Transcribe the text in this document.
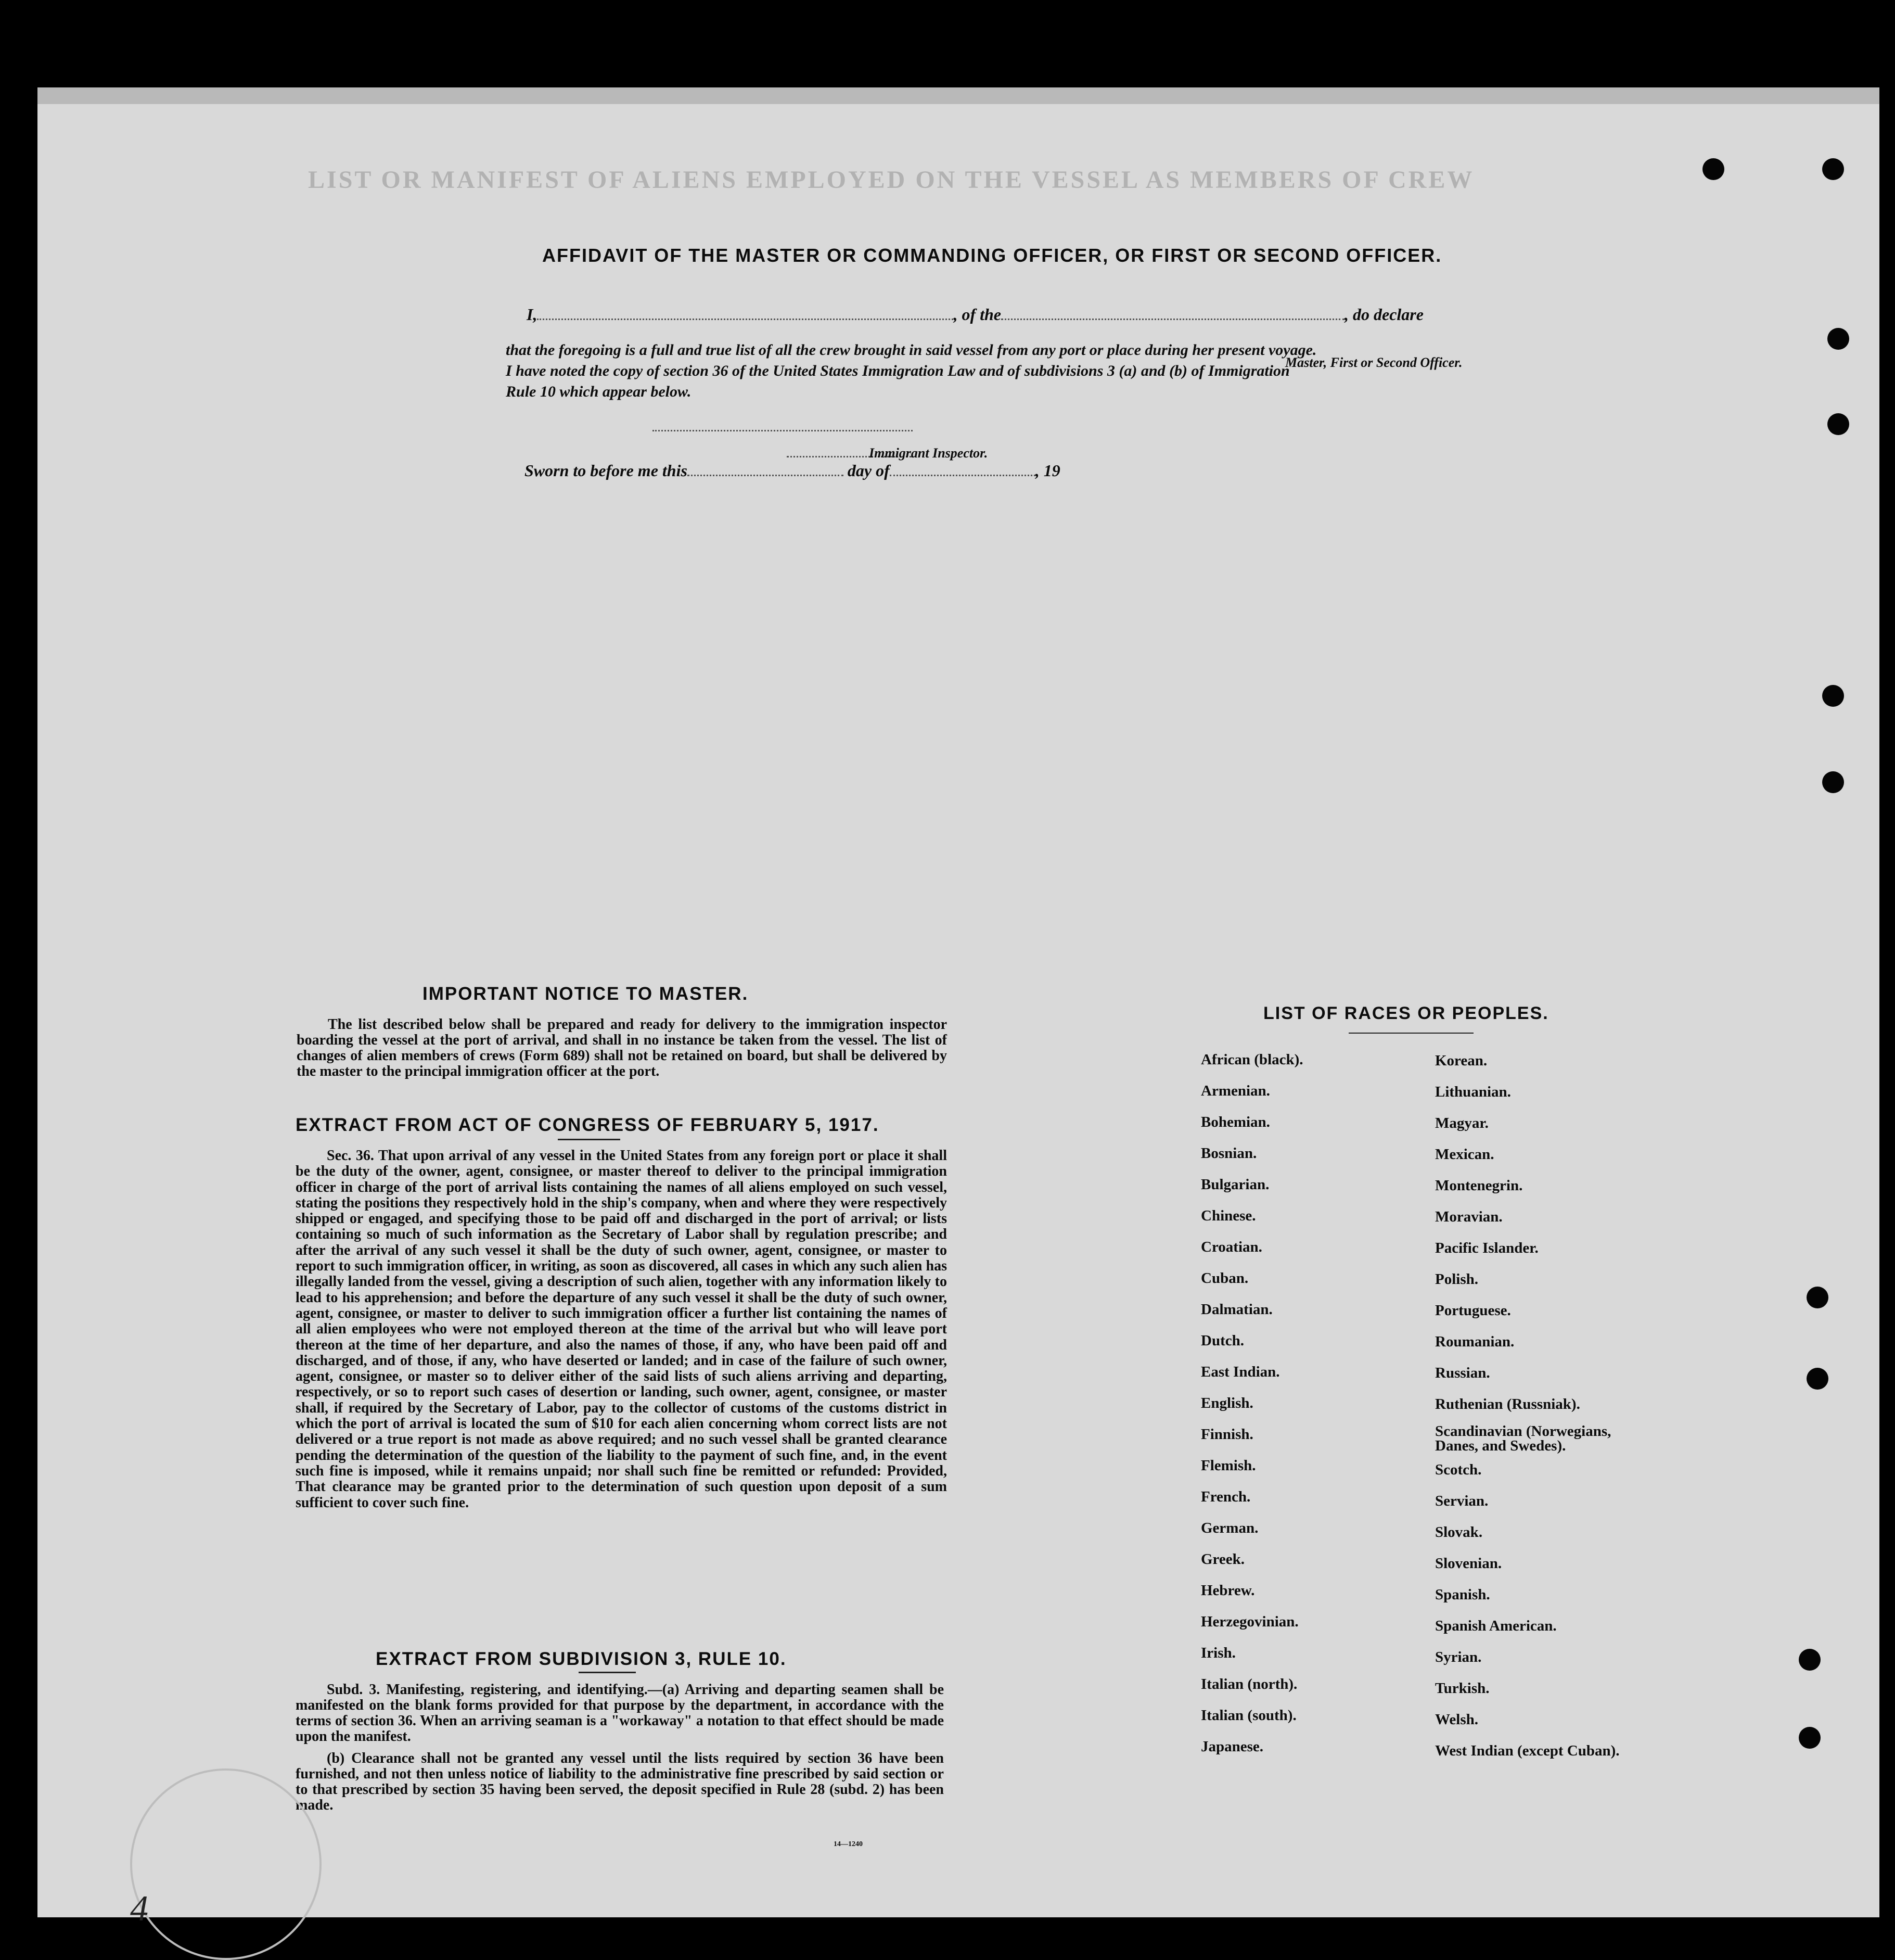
LIST OR MANIFEST OF ALIENS EMPLOYED ON THE VESSEL AS MEMBERS OF CREW
AFFIDAVIT OF THE MASTER OR COMMANDING OFFICER, OR FIRST OR SECOND OFFICER.
I,	, of the	, do declare
that the foregoing is a full and true list of all the crew brought in said vessel from any port or place during her present voyage.
I have noted the copy of section 36 of the United States Immigration Law and of subdivisions 3 (a) and (b) of Immigration
Rule 10 which appear below.
Master, First or Second Officer.
Sworn to before me this	day of	, 19
Immigrant Inspector.
IMPORTANT NOTICE TO MASTER.
The list described below shall be prepared and ready for delivery to the immigration inspector boarding the vessel at the port of arrival, and shall in no instance be taken from the vessel. The list of changes of alien members of crews (Form 689) shall not be retained on board, but shall be delivered by the master to the principal immigration officer at the port.
EXTRACT FROM ACT OF CONGRESS OF FEBRUARY 5, 1917.
Sec. 36. That upon arrival of any vessel in the United States from any foreign port or place it shall be the duty of the owner, agent, consignee, or master thereof to deliver to the principal immigration officer in charge of the port of arrival lists containing the names of all aliens employed on such vessel, stating the positions they respectively hold in the ship's company, when and where they were respectively shipped or engaged, and specifying those to be paid off and discharged in the port of arrival; or lists containing so much of such information as the Secretary of Labor shall by regulation prescribe; and after the arrival of any such vessel it shall be the duty of such owner, agent, consignee, or master to report to such immigration officer, in writing, as soon as discovered, all cases in which any such alien has illegally landed from the vessel, giving a description of such alien, together with any information likely to lead to his apprehension; and before the departure of any such vessel it shall be the duty of such owner, agent, consignee, or master to deliver to such immigration officer a further list containing the names of all alien employees who were not employed thereon at the time of the arrival but who will leave port thereon at the time of her departure, and also the names of those, if any, who have been paid off and discharged, and of those, if any, who have deserted or landed; and in case of the failure of such owner, agent, consignee, or master so to deliver either of the said lists of such aliens arriving and departing, respectively, or so to report such cases of desertion or landing, such owner, agent, consignee, or master shall, if required by the Secretary of Labor, pay to the collector of customs of the customs district in which the port of arrival is located the sum of $10 for each alien concerning whom correct lists are not delivered or a true report is not made as above required; and no such vessel shall be granted clearance pending the determination of the question of the liability to the payment of such fine, and, in the event such fine is imposed, while it remains unpaid; nor shall such fine be remitted or refunded: Provided, That clearance may be granted prior to the determination of such question upon deposit of a sum sufficient to cover such fine.
EXTRACT FROM SUBDIVISION 3, RULE 10.
Subd. 3. Manifesting, registering, and identifying.—(a) Arriving and departing seamen shall be manifested on the blank forms provided for that purpose by the department, in accordance with the terms of section 36. When an arriving seaman is a "workaway" a notation to that effect should be made upon the manifest.
(b) Clearance shall not be granted any vessel until the lists required by section 36 have been furnished, and not then unless notice of liability to the administrative fine prescribed by said section or to that prescribed by section 35 having been served, the deposit specified in Rule 28 (subd. 2) has been made.
14—1240
4
LIST OF RACES OR PEOPLES.
African (black).
Armenian.
Bohemian.
Bosnian.
Bulgarian.
Chinese.
Croatian.
Cuban.
Dalmatian.
Dutch.
East Indian.
English.
Finnish.
Flemish.
French.
German.
Greek.
Hebrew.
Herzegovinian.
Irish.
Italian (north).
Italian (south).
Japanese.
Korean.
Lithuanian.
Magyar.
Mexican.
Montenegrin.
Moravian.
Pacific Islander.
Polish.
Portuguese.
Roumanian.
Russian.
Ruthenian (Russniak).
Scandinavian (Norwegians, Danes, and Swedes).
Scotch.
Servian.
Slovak.
Slovenian.
Spanish.
Spanish American.
Syrian.
Turkish.
Welsh.
West Indian (except Cuban).
